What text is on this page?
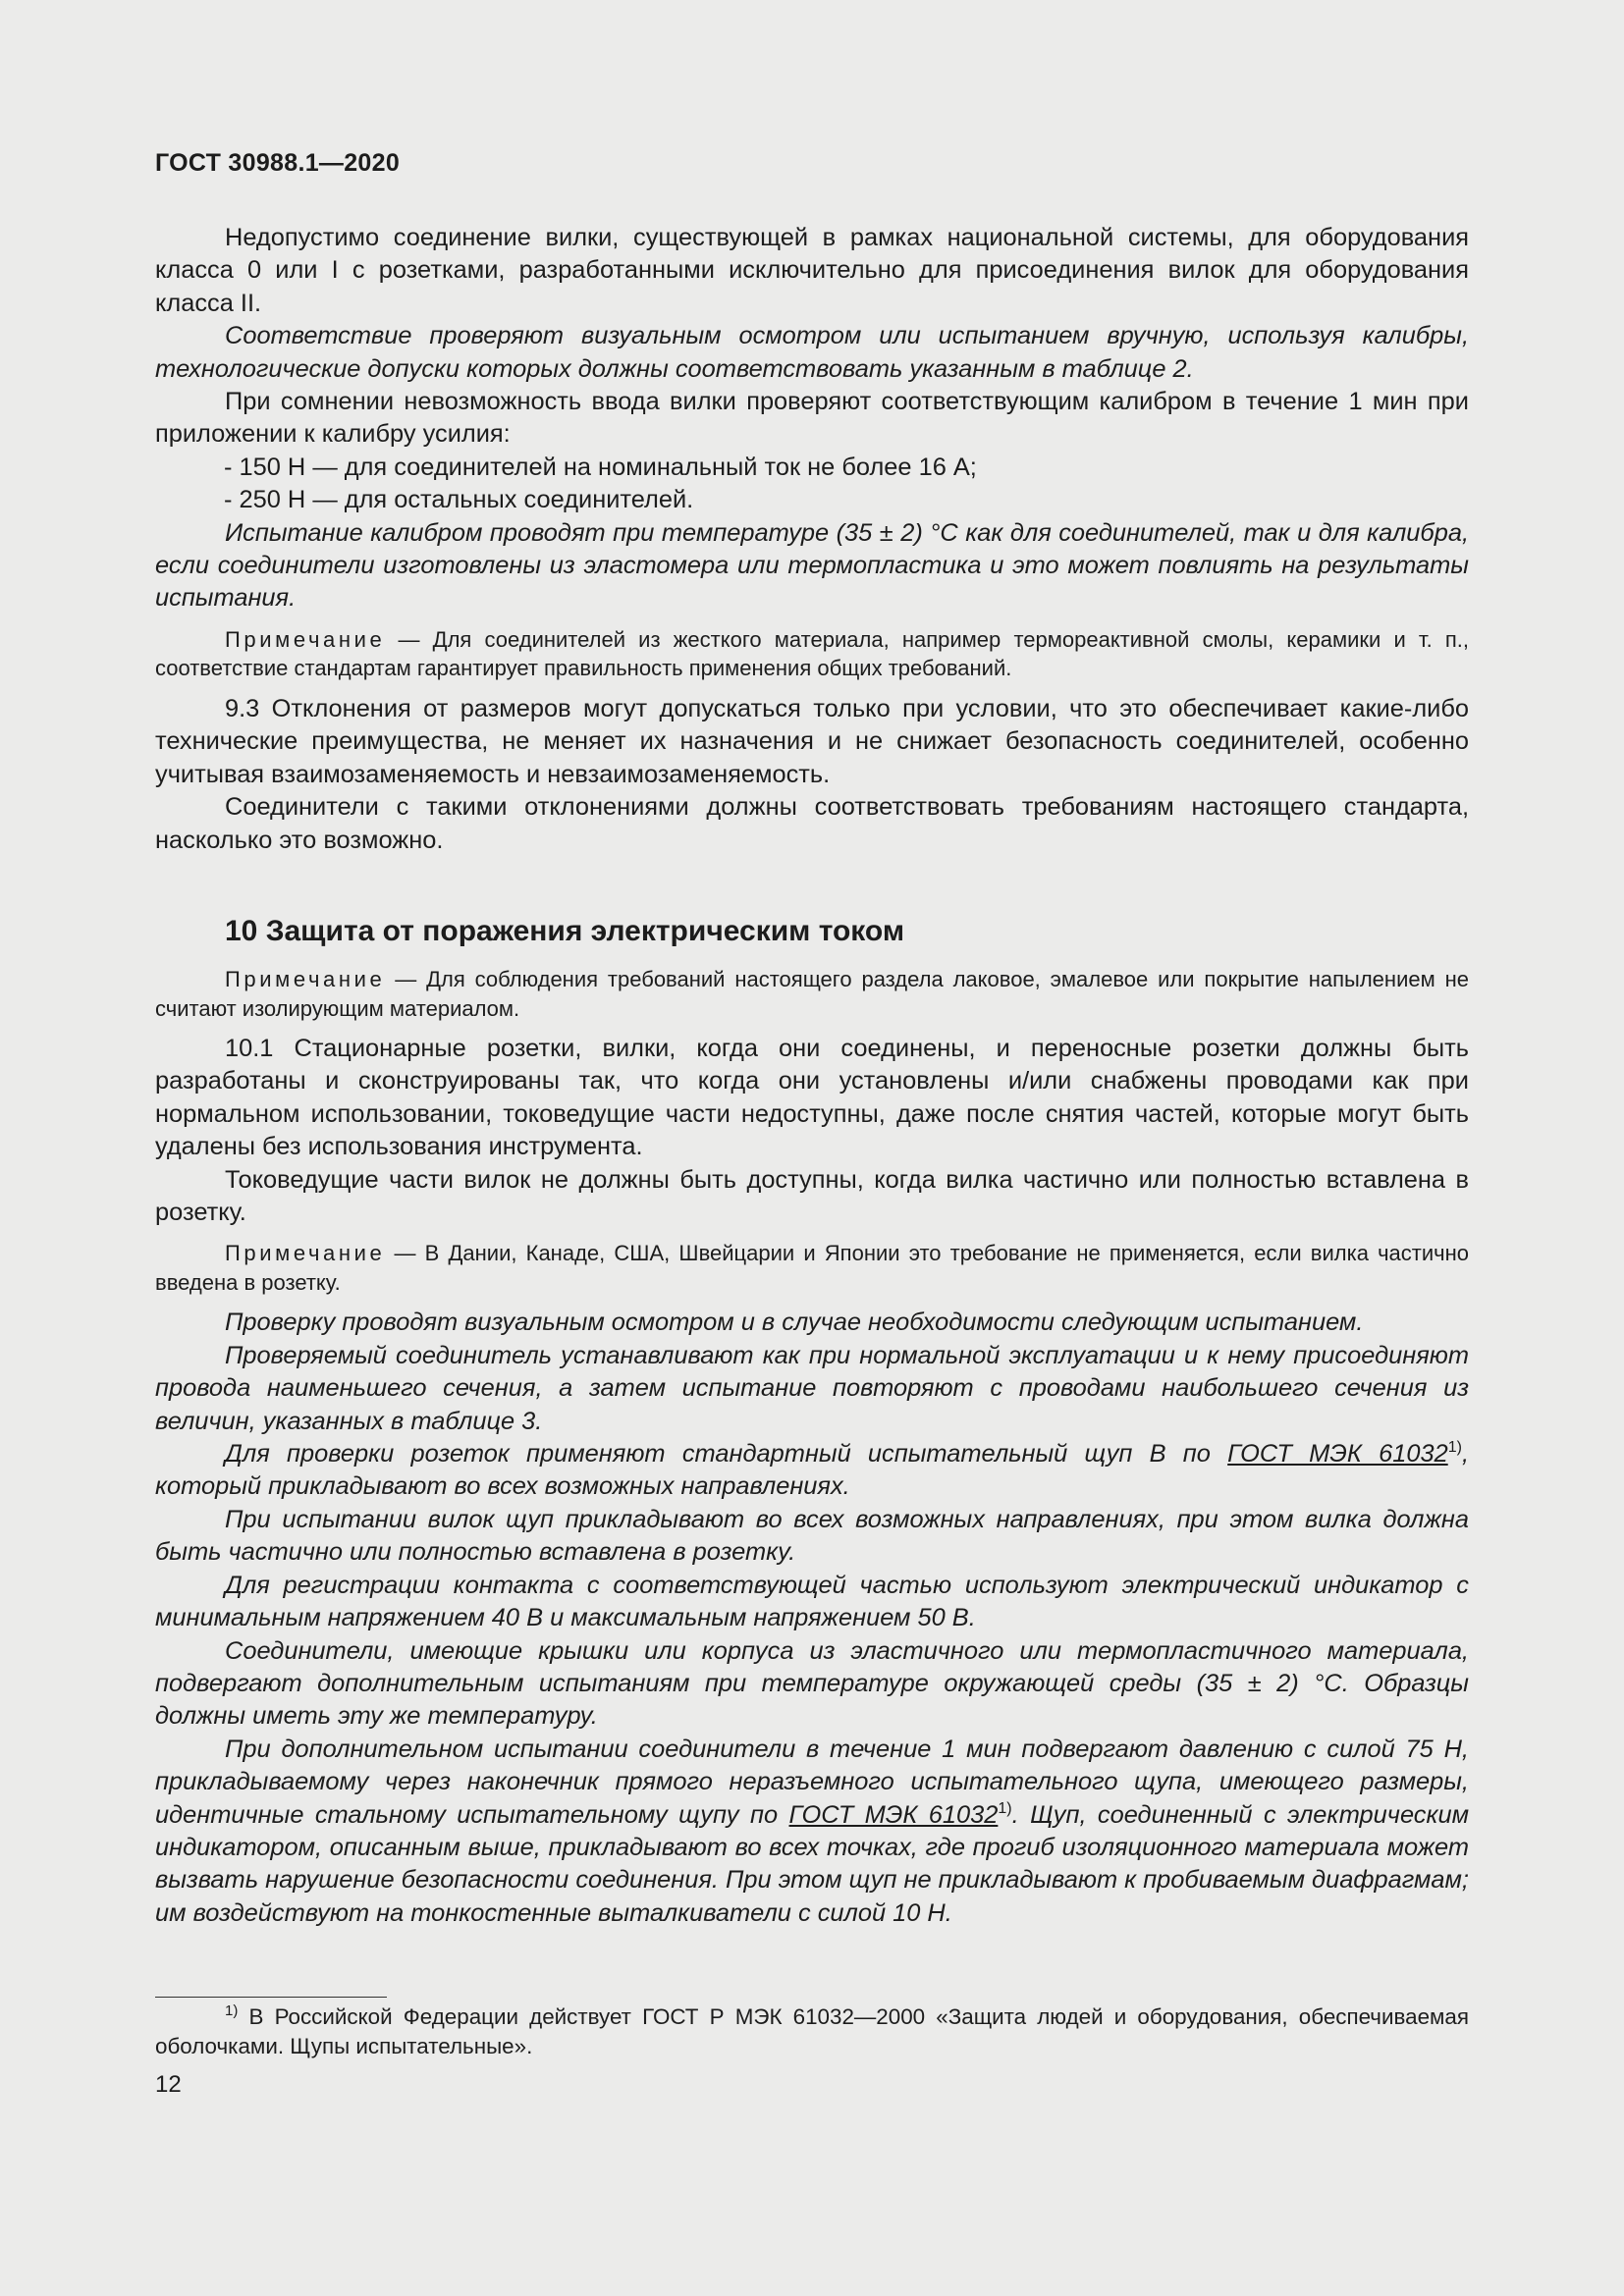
ГОСТ 30988.1—2020

Недопустимо соединение вилки, существующей в рамках национальной системы, для оборудования класса 0 или I с розетками, разработанными исключительно для присоединения вилок для оборудования класса II.

Соответствие проверяют визуальным осмотром или испытанием вручную, используя калибры, технологические допуски которых должны соответствовать указанным в таблице 2.

При сомнении невозможность ввода вилки проверяют соответствующим калибром в течение 1 мин при приложении к калибру усилия:

- 150 Н — для соединителей на номинальный ток не более 16 А;

- 250 Н — для остальных соединителей.

Испытание калибром проводят при температуре (35 ± 2) °С как для соединителей, так и для калибра, если соединители изготовлены из эластомера или термопластика и это может повлиять на результаты испытания.

Примечание — Для соединителей из жесткого материала, например термореактивной смолы, керамики и т. п., соответствие стандартам гарантирует правильность применения общих требований.

9.3 Отклонения от размеров могут допускаться только при условии, что это обеспечивает какие-либо технические преимущества, не меняет их назначения и не снижает безопасность соединителей, особенно учитывая взаимозаменяемость и невзаимозаменяемость.

Соединители с такими отклонениями должны соответствовать требованиям настоящего стандарта, насколько это возможно.

10 Защита от поражения электрическим током

Примечание — Для соблюдения требований настоящего раздела лаковое, эмалевое или покрытие напылением не считают изолирующим материалом.

10.1 Стационарные розетки, вилки, когда они соединены, и переносные розетки должны быть разработаны и сконструированы так, что когда они установлены и/или снабжены проводами как при нормальном использовании, токоведущие части недоступны, даже после снятия частей, которые могут быть удалены без использования инструмента.

Токоведущие части вилок не должны быть доступны, когда вилка частично или полностью вставлена в розетку.

Примечание — В Дании, Канаде, США, Швейцарии и Японии это требование не применяется, если вилка частично введена в розетку.

Проверку проводят визуальным осмотром и в случае необходимости следующим испытанием.

Проверяемый соединитель устанавливают как при нормальной эксплуатации и к нему присоединяют провода наименьшего сечения, а затем испытание повторяют с проводами наибольшего сечения из величин, указанных в таблице 3.

Для проверки розеток применяют стандартный испытательный щуп B по ГОСТ МЭК 61032$^{1)}$, который прикладывают во всех возможных направлениях.

При испытании вилок щуп прикладывают во всех возможных направлениях, при этом вилка должна быть частично или полностью вставлена в розетку.

Для регистрации контакта с соответствующей частью используют электрический индикатор с минимальным напряжением 40 В и максимальным напряжением 50 В.

Соединители, имеющие крышки или корпуса из эластичного или термопластичного материала, подвергают дополнительным испытаниям при температуре окружающей среды (35 ± 2) °С. Образцы должны иметь эту же температуру.

При дополнительном испытании соединители в течение 1 мин подвергают давлению с силой 75 Н, прикладываемому через наконечник прямого неразъемного испытательного щупа, имеющего размеры, идентичные стальному испытательному щупу по ГОСТ МЭК 61032$^{1)}$. Щуп, соединенный с электрическим индикатором, описанным выше, прикладывают во всех точках, где прогиб изоляционного материала может вызвать нарушение безопасности соединения. При этом щуп не прикладывают к пробиваемым диафрагмам; им воздействуют на тонкостенные выталкиватели с силой 10 Н.

$^{1)}$ В Российской Федерации действует ГОСТ Р МЭК 61032—2000 «Защита людей и оборудования, обеспечиваемая оболочками. Щупы испытательные».

12
